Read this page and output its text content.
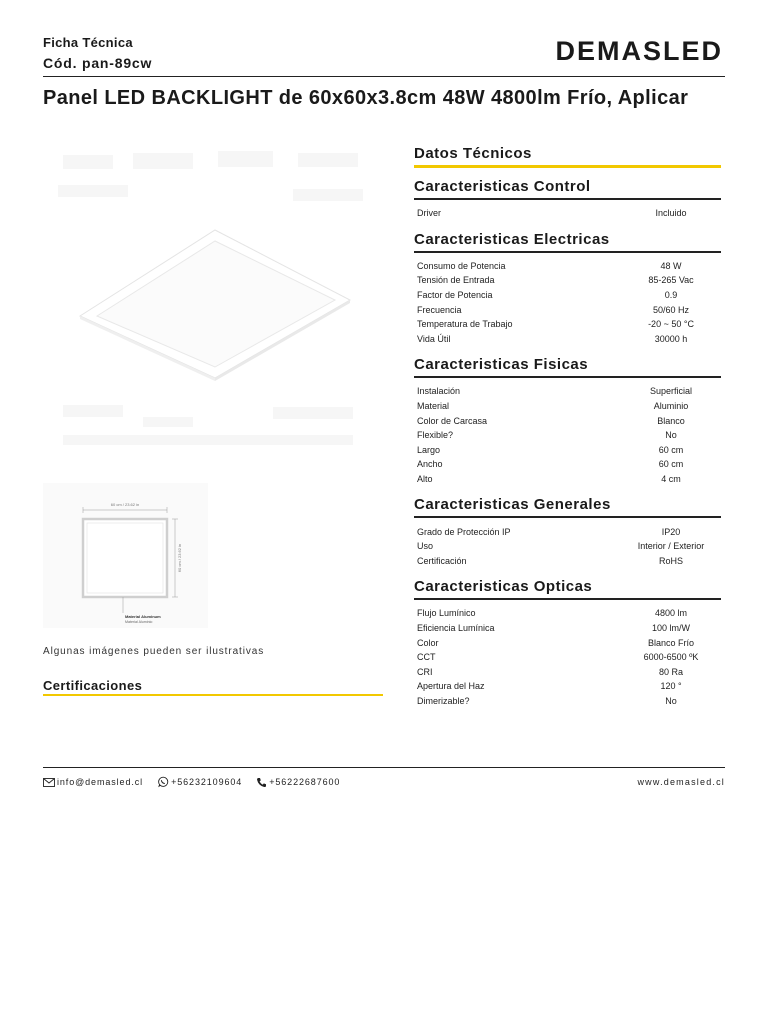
Ficha Técnica
Cód. pan-89cw	DEMASLED
Panel LED BACKLIGHT de 60x60x3.8cm 48W 4800lm Frío, Aplicar
60 cm / 23.62 in
60 cm / 23.62 in
Material Aluminum
Material Aluminio
Algunas imágenes pueden ser ilustrativas
Certificaciones
Datos Técnicos
Caracteristicas Control
Driver	Incluido
Caracteristicas Electricas
Consumo de Potencia	48 W
Tensión de Entrada	85-265 Vac
Factor de Potencia	0.9
Frecuencia	50/60 Hz
Temperatura de Trabajo	-20 ~ 50 °C
Vida Útil	30000 h
Caracteristicas Fisicas
Instalación	Superficial
Material	Aluminio
Color de Carcasa	Blanco
Flexible?	No
Largo	60 cm
Ancho	60 cm
Alto	4 cm
Caracteristicas Generales
Grado de Protección IP	IP20
Uso	Interior / Exterior
Certificación	RoHS
Caracteristicas Opticas
Flujo Lumínico	4800 lm
Eficiencia Lumínica	100 lm/W
Color	Blanco Frío
CCT	6000-6500 ºK
CRI	80 Ra
Apertura del Haz	120 °
Dimerizable?	No
info@demasled.cl	+56232109604	+56222687600	www.demasled.cl
